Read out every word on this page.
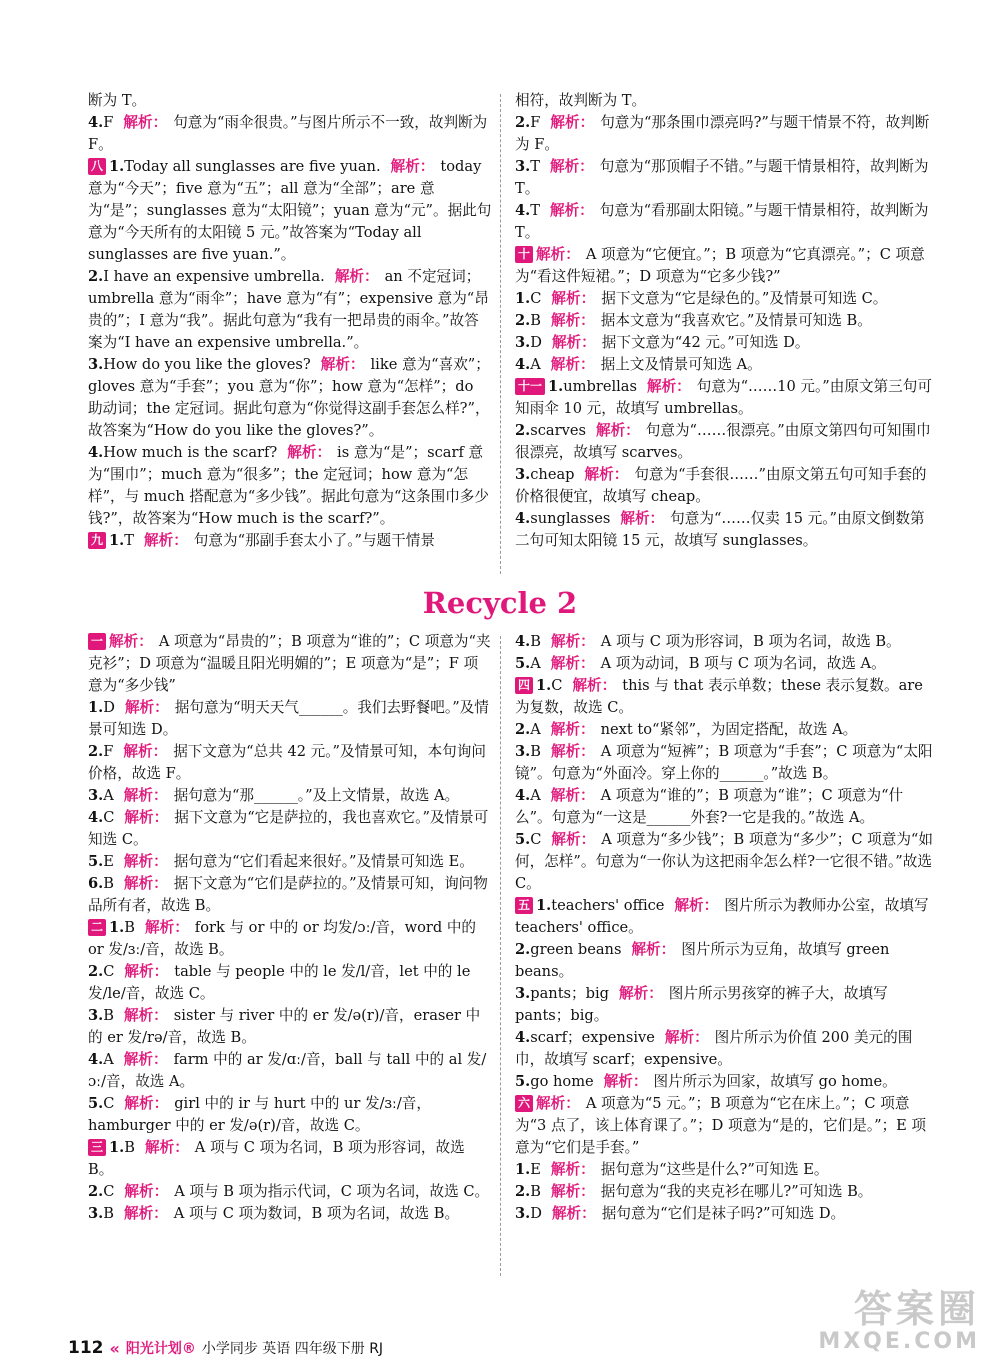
断为 T。

4.F 解析： 句意为“雨伞很贵。”与图片所示不一致，故判断为 F。

八 1.Today all sunglasses are five yuan. 解析： today 意为“今天”；five 意为“五”；all 意为“全部”；are 意为“是”；sunglasses 意为“太阳镜”；yuan 意为“元”。据此句意为“今天所有的太阳镜 5 元。”故答案为“Today all sunglasses are five yuan.”。

2.I have an expensive umbrella. 解析： an 不定冠词；umbrella 意为“雨伞”；have 意为“有”；expensive 意为“昂贵的”；I 意为“我”。据此句意为“我有一把昂贵的雨伞。”故答案为“I have an expensive umbrella.”。

3.How do you like the gloves? 解析： like 意为“喜欢”；gloves 意为“手套”；you 意为“你”；how 意为“怎样”；do 助动词；the 定冠词。据此句意为“你觉得这副手套怎么样?”，故答案为“How do you like the gloves?”。

4.How much is the scarf? 解析： is 意为“是”；scarf 意为“围巾”；much 意为“很多”；the 定冠词；how 意为“怎样”，与 much 搭配意为“多少钱”。据此句意为“这条围巾多少钱?”，故答案为“How much is the scarf?”。

九 1.T 解析： 句意为“那副手套太小了。”与题干情景

相符，故判断为 T。

2.F 解析： 句意为“那条围巾漂亮吗?”与题干情景不符，故判断为 F。

3.T 解析： 句意为“那顶帽子不错。”与题干情景相符，故判断为 T。

4.T 解析： 句意为“看那副太阳镜。”与题干情景相符，故判断为 T。

十 解析： A 项意为“它便宜。”；B 项意为“它真漂亮。”；C 项意为“看这件短裙。”；D 项意为“它多少钱?”

1.C 解析： 据下文意为“它是绿色的。”及情景可知选 C。

2.B 解析： 据本文意为“我喜欢它。”及情景可知选 B。

3.D 解析： 据下文意为“42 元。”可知选 D。

4.A 解析： 据上文及情景可知选 A。

十一 1.umbrellas 解析： 句意为“……10 元。”由原文第三句可知雨伞 10 元，故填写 umbrellas。

2.scarves 解析： 句意为“……很漂亮。”由原文第四句可知围巾很漂亮，故填写 scarves。

3.cheap 解析： 句意为“手套很……”由原文第五句可知手套的价格很便宜，故填写 cheap。

4.sunglasses 解析： 句意为“……仅卖 15 元。”由原文倒数第二句可知太阳镜 15 元，故填写 sunglasses。

Recycle 2

一 解析： A 项意为“昂贵的”；B 项意为“谁的”；C 项意为“夹克衫”；D 项意为“温暖且阳光明媚的”；E 项意为“是”；F 项意为“多少钱”

1.D 解析： 据句意为“明天天气______。我们去野餐吧。”及情景可知选 D。

2.F 解析： 据下文意为“总共 42 元。”及情景可知，本句询问价格，故选 F。

3.A 解析： 据句意为“那______。”及上文情景，故选 A。

4.C 解析： 据下文意为“它是萨拉的，我也喜欢它。”及情景可知选 C。

5.E 解析： 据句意为“它们看起来很好。”及情景可知选 E。

6.B 解析： 据下文意为“它们是萨拉的。”及情景可知，询问物品所有者，故选 B。

二 1.B 解析： fork 与 or 中的 or 均发/ɔː/音，word 中的 or 发/ɜː/音，故选 B。

2.C 解析： table 与 people 中的 le 发/l/音，let 中的 le 发/le/音，故选 C。

3.B 解析： sister 与 river 中的 er 发/ə(r)/音，eraser 中的 er 发/rə/音，故选 B。

4.A 解析： farm 中的 ar 发/ɑː/音，ball 与 tall 中的 al 发/ɔː/音，故选 A。

5.C 解析： girl 中的 ir 与 hurt 中的 ur 发/ɜː/音，hamburger 中的 er 发/ə(r)/音，故选 C。

三 1.B 解析： A 项与 C 项为名词，B 项为形容词，故选 B。

2.C 解析： A 项与 B 项为指示代词，C 项为名词，故选 C。

3.B 解析： A 项与 C 项为数词，B 项为名词，故选 B。

4.B 解析： A 项与 C 项为形容词，B 项为名词，故选 B。

5.A 解析： A 项为动词，B 项与 C 项为名词，故选 A。

四 1.C 解析： this 与 that 表示单数；these 表示复数。are 为复数，故选 C。

2.A 解析： next to“紧邻”，为固定搭配，故选 A。

3.B 解析： A 项意为“短裤”；B 项意为“手套”；C 项意为“太阳镜”。句意为“外面冷。穿上你的______。”故选 B。

4.A 解析： A 项意为“谁的”；B 项意为“谁”；C 项意为“什么”。句意为“一这是______外套?一它是我的。”故选 A。

5.C 解析： A 项意为“多少钱”；B 项意为“多少”；C 项意为“如何，怎样”。句意为“一你认为这把雨伞怎么样?一它很不错。”故选 C。

五 1.teachers' office 解析： 图片所示为教师办公室，故填写 teachers' office。

2.green beans 解析： 图片所示为豆角，故填写 green beans。

3.pants；big 解析： 图片所示男孩穿的裤子大，故填写 pants；big。

4.scarf；expensive 解析： 图片所示为价值 200 美元的围巾，故填写 scarf；expensive。

5.go home 解析： 图片所示为回家，故填写 go home。

六 解析： A 项意为“5 元。”；B 项意为“它在床上。”；C 项意为“3 点了，该上体育课了。”；D 项意为“是的，它们是。”；E 项意为“它们是手套。”

1.E 解析： 据句意为“这些是什么?”可知选 E。

2.B 解析： 据句意为“我的夹克衫在哪儿?”可知选 B。

3.D 解析： 据句意为“它们是袜子吗?”可知选 D。

112 « 阳光计划® 小学同步 英语 四年级下册 RJ
答案圈
MXQE.COM
